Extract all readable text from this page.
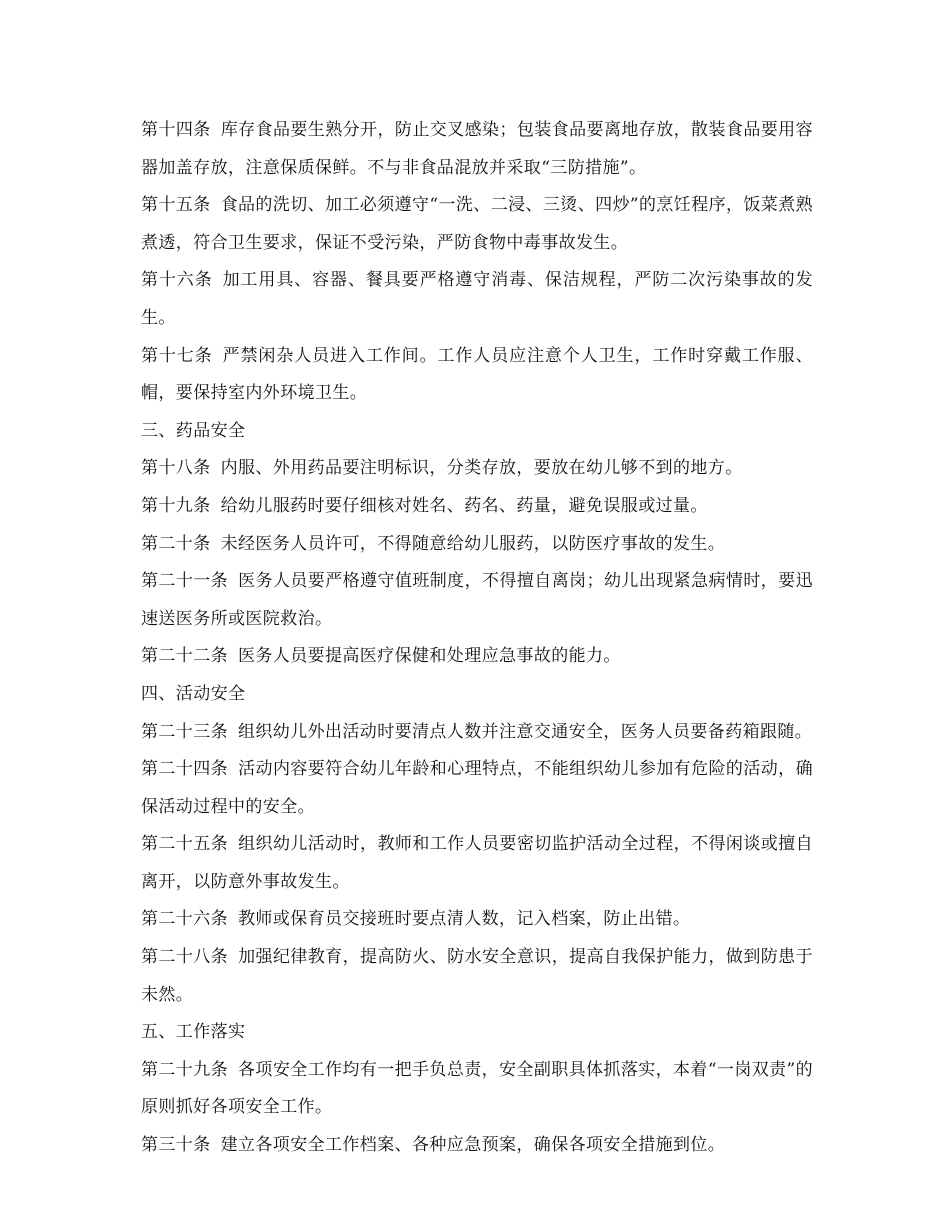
第十四条 库存食品要生熟分开，防止交叉感染；包装食品要离地存放，散装食品要用容器加盖存放，注意保质保鲜。不与非食品混放并采取“三防措施”。

第十五条 食品的洗切、加工必须遵守“一洗、二浸、三烫、四炒”的烹饪程序，饭菜煮熟煮透，符合卫生要求，保证不受污染，严防食物中毒事故发生。

第十六条 加工用具、容器、餐具要严格遵守消毒、保洁规程，严防二次污染事故的发生。

第十七条 严禁闲杂人员进入工作间。工作人员应注意个人卫生，工作时穿戴工作服、帽，要保持室内外环境卫生。

三、药品安全

第十八条 内服、外用药品要注明标识，分类存放，要放在幼儿够不到的地方。

第十九条 给幼儿服药时要仔细核对姓名、药名、药量，避免误服或过量。

第二十条 未经医务人员许可，不得随意给幼儿服药，以防医疗事故的发生。

第二十一条 医务人员要严格遵守值班制度，不得擅自离岗；幼儿出现紧急病情时，要迅速送医务所或医院救治。

第二十二条 医务人员要提高医疗保健和处理应急事故的能力。

四、活动安全

第二十三条 组织幼儿外出活动时要清点人数并注意交通安全，医务人员要备药箱跟随。

第二十四条 活动内容要符合幼儿年龄和心理特点，不能组织幼儿参加有危险的活动，确保活动过程中的安全。

第二十五条 组织幼儿活动时，教师和工作人员要密切监护活动全过程，不得闲谈或擅自离开，以防意外事故发生。

第二十六条 教师或保育员交接班时要点清人数，记入档案，防止出错。

第二十八条 加强纪律教育，提高防火、防水安全意识，提高自我保护能力，做到防患于未然。

五、工作落实

第二十九条 各项安全工作均有一把手负总责，安全副职具体抓落实，本着“一岗双责”的原则抓好各项安全工作。

第三十条 建立各项安全工作档案、各种应急预案，确保各项安全措施到位。
